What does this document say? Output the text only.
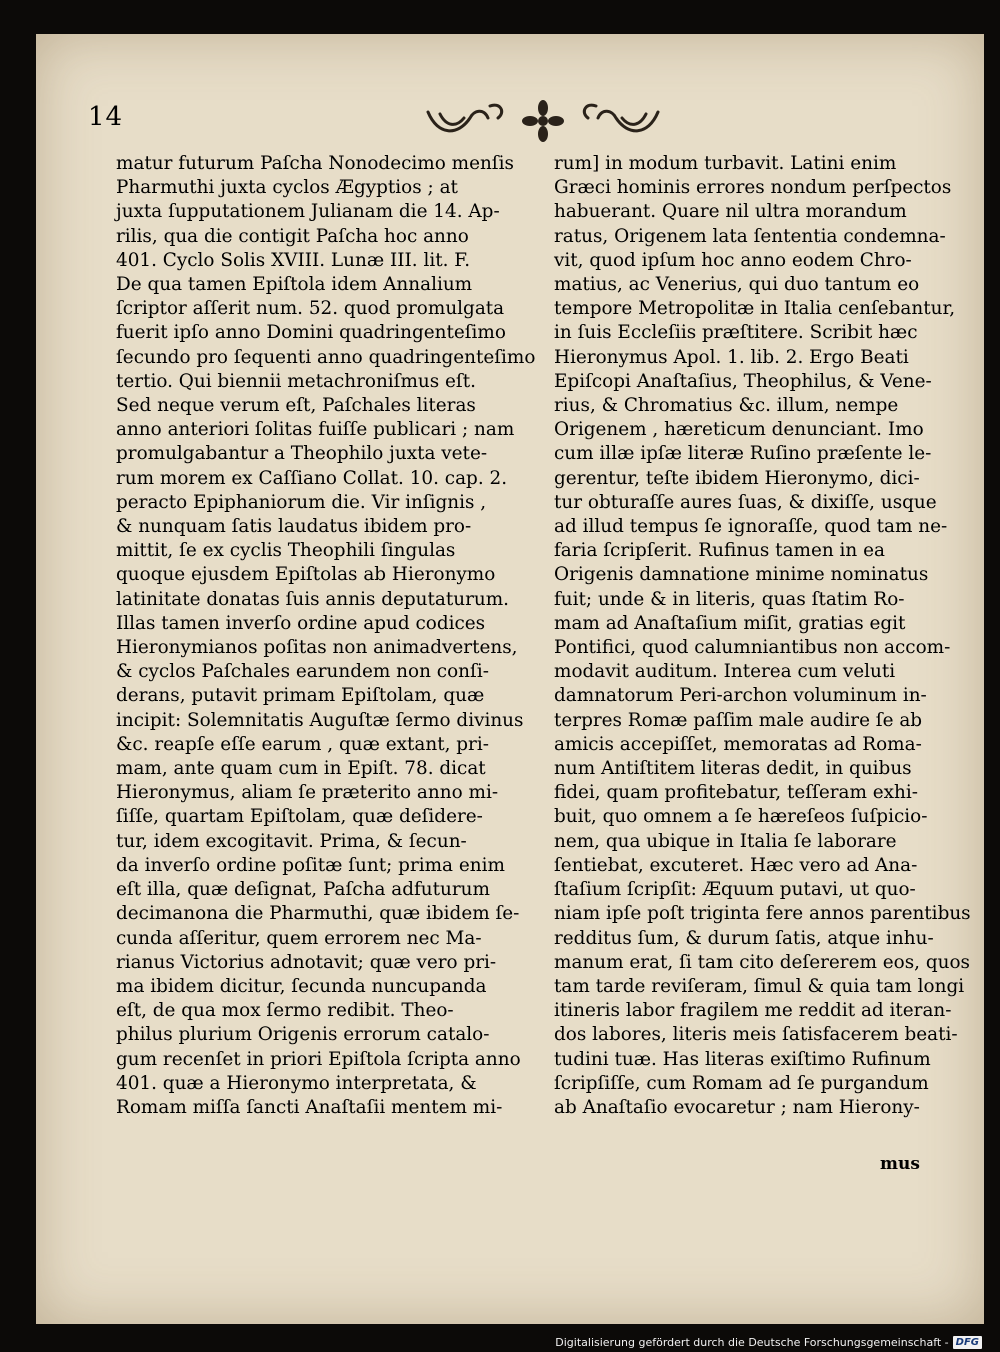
14

matur futurum Paſcha Nonodecimo menſis

Pharmuthi juxta cyclos Ægyptios ; at

juxta ſupputationem Julianam die 14. Ap-

rilis, qua die contigit Paſcha hoc anno

401. Cyclo Solis XVIII. Lunæ III. lit. F.

De qua tamen Epiſtola idem Annalium

ſcriptor aſſerit num. 52. quod promulgata

fuerit ipſo anno Domini quadringenteſimo

ſecundo pro ſequenti anno quadringenteſimo

tertio. Qui biennii metachroniſmus eſt.

Sed neque verum eſt, Paſchales literas

anno anteriori ſolitas fuiſſe publicari ; nam

promulgabantur a Theophilo juxta vete-

rum morem ex Caſſiano Collat. 10. cap. 2.

peracto Epiphaniorum die. Vir inſignis ,

& nunquam ſatis laudatus ibidem pro-

mittit, ſe ex cyclis Theophili ſingulas

quoque ejusdem Epiſtolas ab Hieronymo

latinitate donatas ſuis annis deputaturum.

Illas tamen inverſo ordine apud codices

Hieronymianos poſitas non animadvertens,

& cyclos Paſchales earundem non conſi-

derans, putavit primam Epiſtolam, quæ

incipit: Solemnitatis Auguſtæ ſermo divinus

&c. reapſe eſſe earum , quæ extant, pri-

mam, ante quam cum in Epiſt. 78. dicat

Hieronymus, aliam ſe præterito anno mi-

ſiſſe, quartam Epiſtolam, quæ deſidere-

tur, idem excogitavit. Prima, & ſecun-

da inverſo ordine poſitæ ſunt; prima enim

eſt illa, quæ deſignat, Paſcha adfuturum

decimanona die Pharmuthi, quæ ibidem ſe-

cunda aſſeritur, quem errorem nec Ma-

rianus Victorius adnotavit; quæ vero pri-

ma ibidem dicitur, ſecunda nuncupanda

eſt, de qua mox ſermo redibit. Theo-

philus plurium Origenis errorum catalo-

gum recenſet in priori Epiſtola ſcripta anno

401. quæ a Hieronymo interpretata, &

Romam miſſa ſancti Anaſtaſii mentem mi-

rum] in modum turbavit. Latini enim

Græci hominis errores nondum perſpectos

habuerant. Quare nil ultra morandum

ratus, Origenem lata ſententia condemna-

vit, quod ipſum hoc anno eodem Chro-

matius, ac Venerius, qui duo tantum eo

tempore Metropolitæ in Italia cenſebantur,

in ſuis Eccleſiis præſtitere. Scribit hæc

Hieronymus Apol. 1. lib. 2. Ergo Beati

Epiſcopi Anaſtaſius, Theophilus, & Vene-

rius, & Chromatius &c. illum, nempe

Origenem , hæreticum denunciant. Imo

cum illæ ipſæ literæ Ruſino præſente le-

gerentur, teſte ibidem Hieronymo, dici-

tur obturaſſe aures ſuas, & dixiſſe, usque

ad illud tempus ſe ignoraſſe, quod tam ne-

faria ſcripſerit. Rufinus tamen in ea

Origenis damnatione minime nominatus

fuit; unde & in literis, quas ſtatim Ro-

mam ad Anaſtaſium miſit, gratias egit

Pontifici, quod calumniantibus non accom-

modavit auditum. Interea cum veluti

damnatorum Peri-archon voluminum in-

terpres Romæ paſſim male audire ſe ab

amicis accepiſſet, memoratas ad Roma-

num Antiſtitem literas dedit, in quibus

fidei, quam profitebatur, teſſeram exhi-

buit, quo omnem a ſe hæreſeos ſuſpicio-

nem, qua ubique in Italia ſe laborare

ſentiebat, excuteret. Hæc vero ad Ana-

ſtaſium ſcripſit: Æquum putavi, ut quo-

niam ipſe poſt triginta fere annos parentibus

redditus ſum, & durum ſatis, atque inhu-

manum erat, ſi tam cito deſererem eos, quos

tam tarde reviſeram, ſimul & quia tam longi

itineris labor fragilem me reddit ad iteran-

dos labores, literis meis ſatisfacerem beati-

tudini tuæ. Has literas exiſtimo Rufinum

ſcripſiſſe, cum Romam ad ſe purgandum

ab Anaſtaſio evocaretur ; nam Hierony-

mus
Digitalisierung gefördert durch die Deutsche Forschungsgemeinschaft - DFG
